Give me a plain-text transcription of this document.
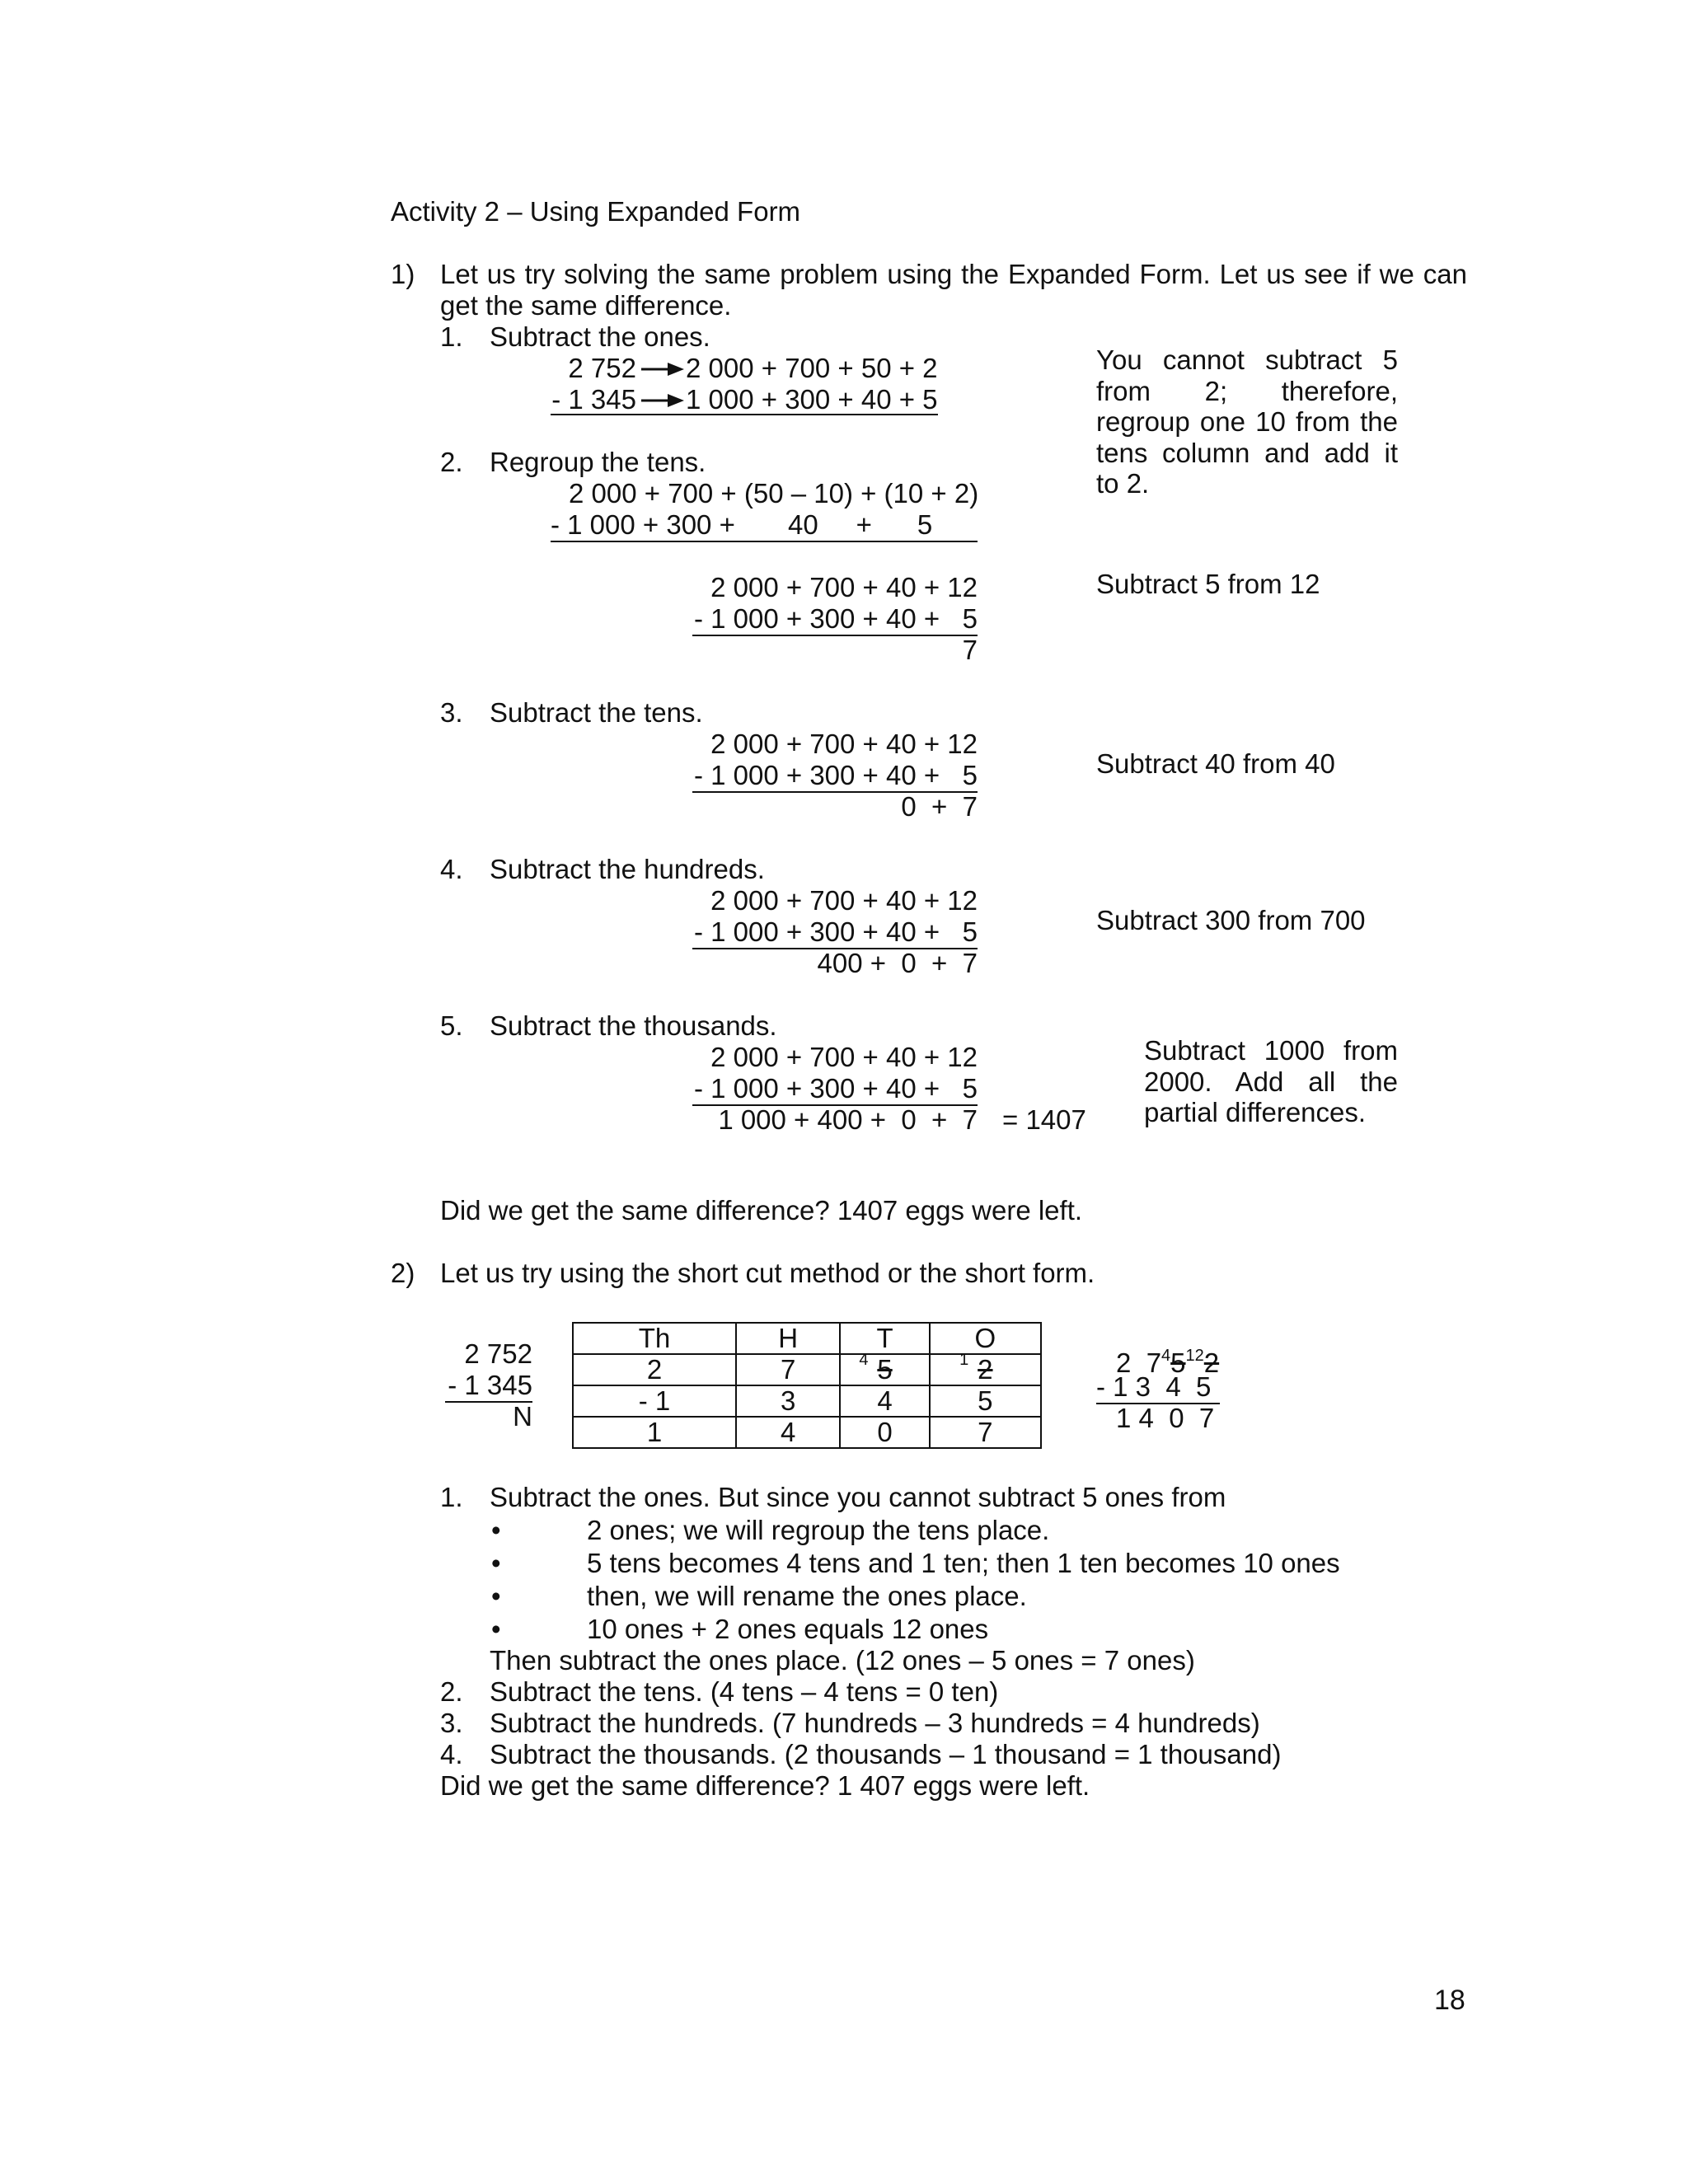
Activity 2 – Using Expanded Form
1) Let us try solving the same problem using the Expanded Form. Let us see if we can
get the same difference.
1. Subtract the ones.
2 752 2 000 + 700 + 50 + 2
- 1 345 1 000 + 300 + 40 + 5
You cannot subtract 5 from 2; therefore, regroup one 10 from the tens column and add it to 2.
2. Regroup the tens.
2 000 + 700 + (50 – 10) + (10 + 2)
- 1 000 + 300 +       40     +      5
2 000 + 700 + 40 + 12
- 1 000 + 300 + 40 +   5
7
Subtract 5 from 12
3. Subtract the tens.
2 000 + 700 + 40 + 12
- 1 000 + 300 + 40 +   5
0  +  7
Subtract 40 from 40
4. Subtract the hundreds.
2 000 + 700 + 40 + 12
- 1 000 + 300 + 40 +   5
400 +  0  +  7
Subtract 300 from 700
5. Subtract the thousands.
2 000 + 700 + 40 + 12
- 1 000 + 300 + 40 +   5
1 000 + 400 +  0  +  7 = 1407
Subtract 1000 from 2000. Add all the partial differences.
Did we get the same difference? 1407 eggs were left.
2) Let us try using the short cut method or the short form.
2 752
- 1 345
N
Th	H	T	O
2	7	4 5	1 2
- 1	3	4	5
1	4	0	7
2  $7^45^{12}2$
- 1 3  4  5
1 4  0  7
1. Subtract the ones. But since you cannot subtract 5 ones from
•	2 ones; we will regroup the tens place.
•	5 tens becomes 4 tens and 1 ten; then 1 ten becomes 10 ones
•	then, we will rename the ones place.
•	10 ones + 2 ones equals 12 ones
Then subtract the ones place. (12 ones – 5 ones = 7 ones)
2. Subtract the tens. (4 tens – 4 tens = 0 ten)
3. Subtract the hundreds. (7 hundreds – 3 hundreds = 4 hundreds)
4. Subtract the thousands. (2 thousands – 1 thousand = 1 thousand)
Did we get the same difference? 1 407 eggs were left.
18
